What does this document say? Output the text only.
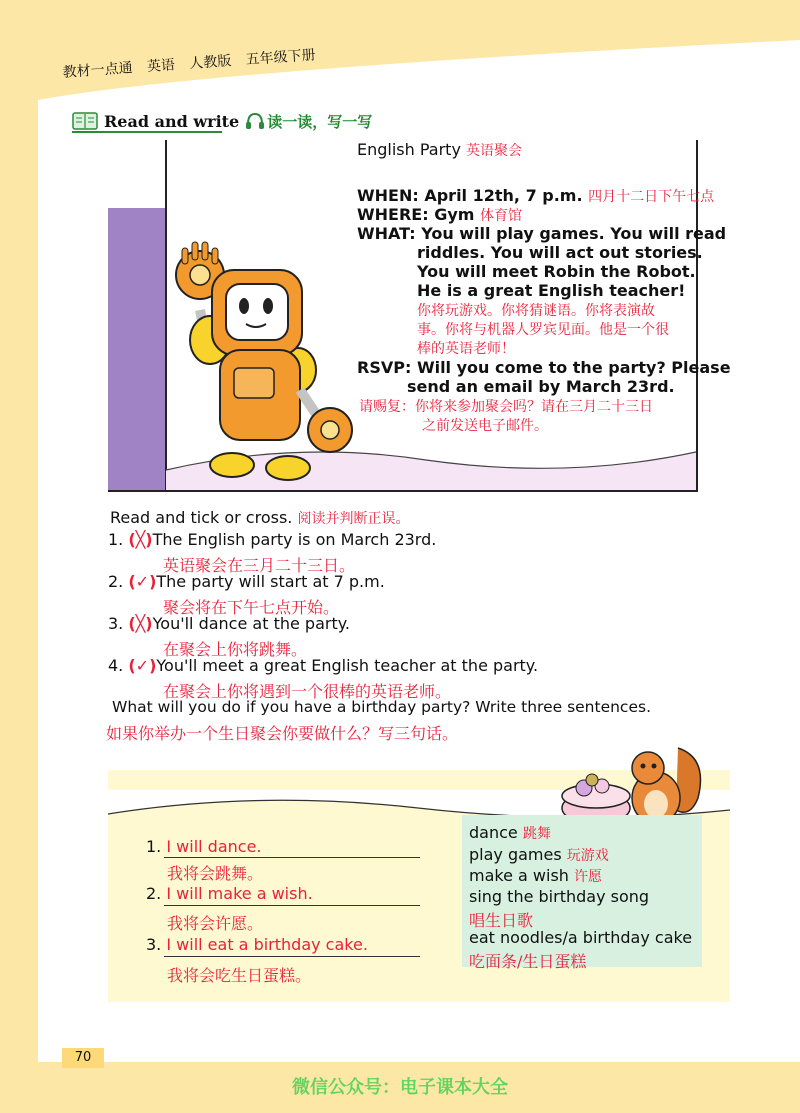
教材一点通 英语 人教版 五年级下册
Read and write 读一读，写一写
English Party 英语聚会
WHEN: April 12th, 7 p.m. 四月十二日下午七点
WHERE: Gym 体育馆
WHAT: You will play games. You will read
riddles. You will act out stories.
You will meet Robin the Robot.
He is a great English teacher!
你将玩游戏。你将猜谜语。你将表演故
事。你将与机器人罗宾见面。他是一个很
棒的英语老师！
RSVP: Will you come to the party? Please
send an email by March 23rd.
请赐复：你将来参加聚会吗？请在三月二十三日
之前发送电子邮件。
Read and tick or cross. 阅读并判断正误。
1. (╳)The English party is on March 23rd.
英语聚会在三月二十三日。
2. (✓)The party will start at 7 p.m.
聚会将在下午七点开始。
3. (╳)You'll dance at the party.
在聚会上你将跳舞。
4. (✓)You'll meet a great English teacher at the party.
在聚会上你将遇到一个很棒的英语老师。
What will you do if you have a birthday party? Write three sentences.
如果你举办一个生日聚会你要做什么？写三句话。
1. I will dance.
我将会跳舞。
2. I will make a wish.
我将会许愿。
3. I will eat a birthday cake.
我将会吃生日蛋糕。
dance 跳舞
play games 玩游戏
make a wish 许愿
sing the birthday song
唱生日歌
eat noodles/a birthday cake
吃面条/生日蛋糕
70
微信公众号：电子课本大全
